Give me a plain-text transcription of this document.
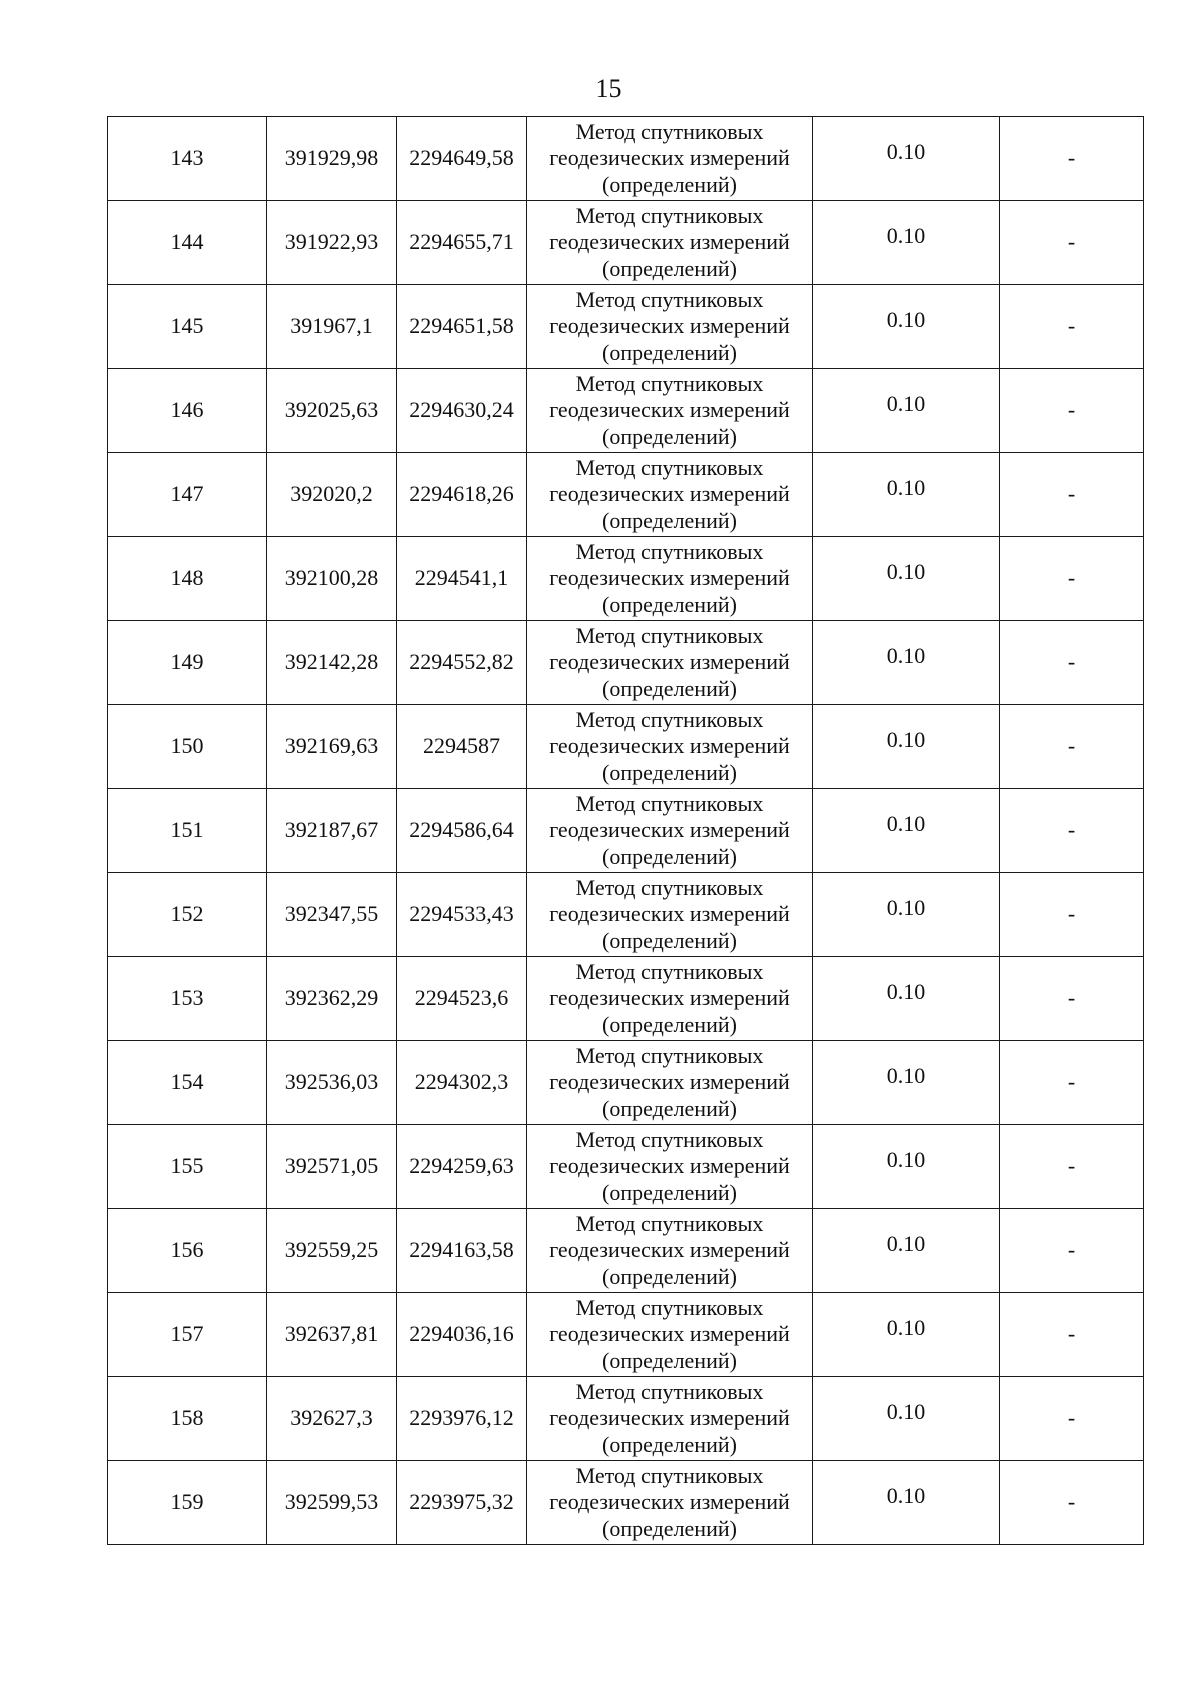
15
143	391929,98	2294649,58	Метод спутниковых
геодезических измерений
(определений)	0.10	-
144	391922,93	2294655,71	Метод спутниковых
геодезических измерений
(определений)	0.10	-
145	391967,1	2294651,58	Метод спутниковых
геодезических измерений
(определений)	0.10	-
146	392025,63	2294630,24	Метод спутниковых
геодезических измерений
(определений)	0.10	-
147	392020,2	2294618,26	Метод спутниковых
геодезических измерений
(определений)	0.10	-
148	392100,28	2294541,1	Метод спутниковых
геодезических измерений
(определений)	0.10	-
149	392142,28	2294552,82	Метод спутниковых
геодезических измерений
(определений)	0.10	-
150	392169,63	2294587	Метод спутниковых
геодезических измерений
(определений)	0.10	-
151	392187,67	2294586,64	Метод спутниковых
геодезических измерений
(определений)	0.10	-
152	392347,55	2294533,43	Метод спутниковых
геодезических измерений
(определений)	0.10	-
153	392362,29	2294523,6	Метод спутниковых
геодезических измерений
(определений)	0.10	-
154	392536,03	2294302,3	Метод спутниковых
геодезических измерений
(определений)	0.10	-
155	392571,05	2294259,63	Метод спутниковых
геодезических измерений
(определений)	0.10	-
156	392559,25	2294163,58	Метод спутниковых
геодезических измерений
(определений)	0.10	-
157	392637,81	2294036,16	Метод спутниковых
геодезических измерений
(определений)	0.10	-
158	392627,3	2293976,12	Метод спутниковых
геодезических измерений
(определений)	0.10	-
159	392599,53	2293975,32	Метод спутниковых
геодезических измерений
(определений)	0.10	-
